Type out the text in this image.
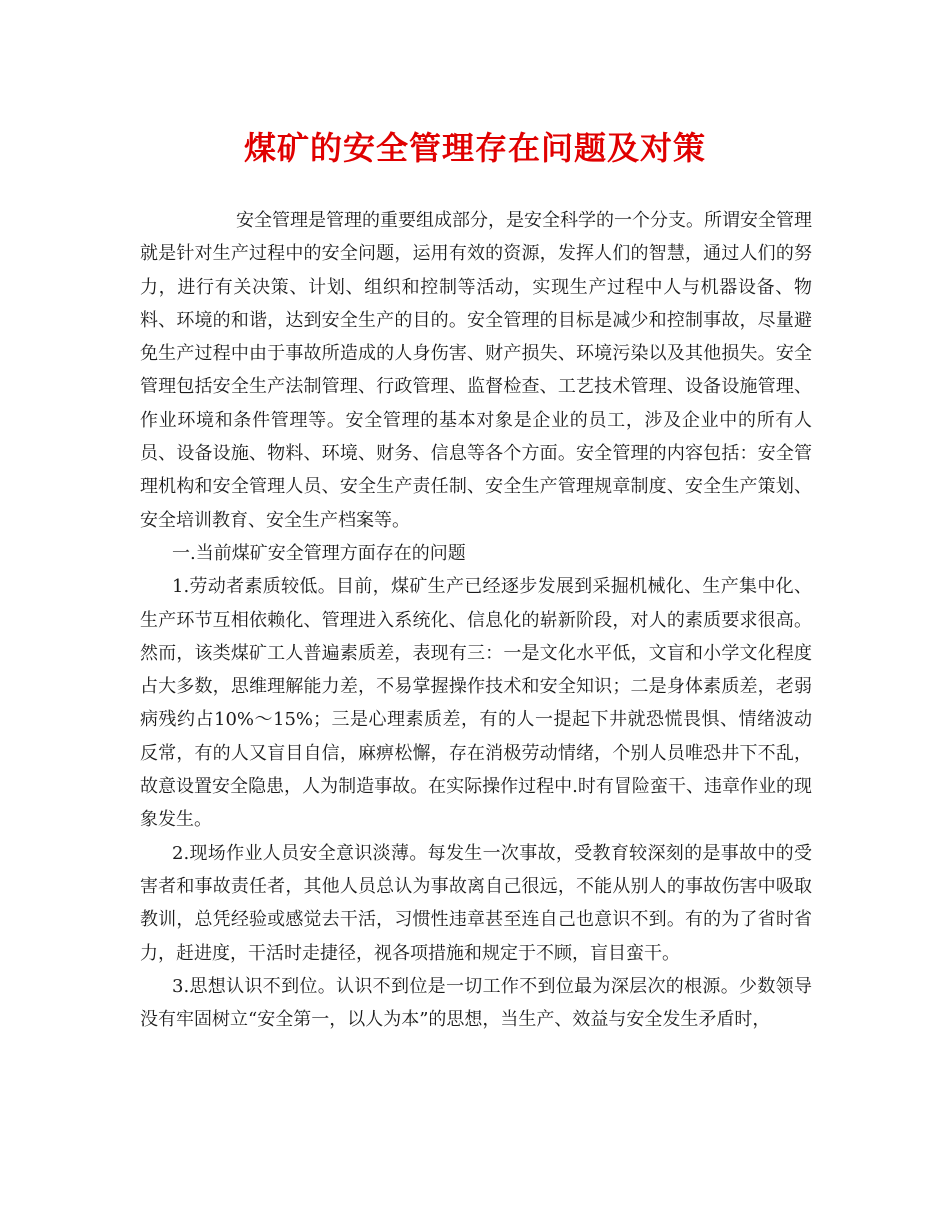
煤矿的安全管理存在问题及对策

安全管理是管理的重要组成部分，是安全科学的一个分支。所谓安全管理就是针对生产过程中的安全问题，运用有效的资源，发挥人们的智慧，通过人们的努力，进行有关决策、计划、组织和控制等活动，实现生产过程中人与机器设备、物料、环境的和谐，达到安全生产的目的。安全管理的目标是减少和控制事故，尽量避免生产过程中由于事故所造成的人身伤害、财产损失、环境污染以及其他损失。安全管理包括安全生产法制管理、行政管理、监督检查、工艺技术管理、设备设施管理、作业环境和条件管理等。安全管理的基本对象是企业的员工，涉及企业中的所有人员、设备设施、物料、环境、财务、信息等各个方面。安全管理的内容包括：安全管理机构和安全管理人员、安全生产责任制、安全生产管理规章制度、安全生产策划、安全培训教育、安全生产档案等。

一.当前煤矿安全管理方面存在的问题

1.劳动者素质较低。目前，煤矿生产已经逐步发展到采掘机械化、生产集中化、生产环节互相依赖化、管理进入系统化、信息化的崭新阶段，对人的素质要求很高。然而，该类煤矿工人普遍素质差，表现有三：一是文化水平低，文盲和小学文化程度占大多数，思维理解能力差，不易掌握操作技术和安全知识；二是身体素质差，老弱病残约占10%～15%；三是心理素质差，有的人一提起下井就恐慌畏惧、情绪波动反常，有的人又盲目自信，麻痹松懈，存在消极劳动情绪，个别人员唯恐井下不乱，故意设置安全隐患，人为制造事故。在实际操作过程中.时有冒险蛮干、违章作业的现象发生。

2.现场作业人员安全意识淡薄。每发生一次事故，受教育较深刻的是事故中的受害者和事故责任者，其他人员总认为事故离自己很远，不能从别人的事故伤害中吸取教训，总凭经验或感觉去干活，习惯性违章甚至连自己也意识不到。有的为了省时省力，赶进度，干活时走捷径，视各项措施和规定于不顾，盲目蛮干。

3.思想认识不到位。认识不到位是一切工作不到位最为深层次的根源。少数领导没有牢固树立“安全第一，以人为本”的思想，当生产、效益与安全发生矛盾时，
